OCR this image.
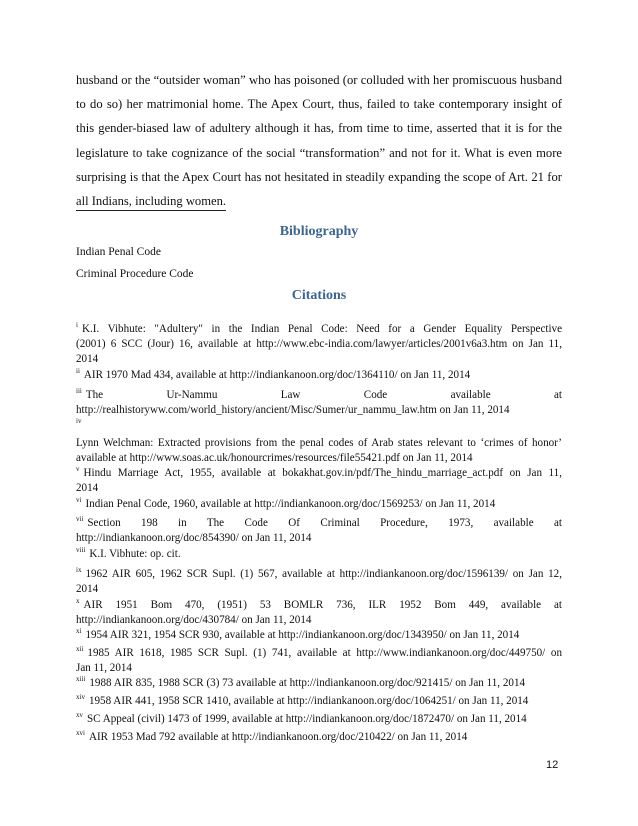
husband or the “outsider woman” who has poisoned (or colluded with her promiscuous husband
to do so) her matrimonial home. The Apex Court, thus, failed to take contemporary insight of
this gender-biased law of adultery although it has, from time to time, asserted that it is for the
legislature to take cognizance of the social “transformation” and not for it. What is even more
surprising is that the Apex Court has not hesitated in steadily expanding the scope of Art. 21 for
all Indians, including women.
Bibliography

Indian Penal Code

Criminal Procedure Code

Citations
$^i$ K.I. Vibhute: "Adultery" in the Indian Penal Code: Need for a Gender Equality Perspective
(2001) 6 SCC (Jour) 16, available at http://www.ebc-india.com/lawyer/articles/2001v6a3.htm on Jan 11,
2014
$^{ii}$ AIR 1970 Mad 434, available at http://indiankanoon.org/doc/1364110/ on Jan 11, 2014
$^{iii}$ The Ur-Nammu Law Code available at
http://realhistoryww.com/world_history/ancient/Misc/Sumer/ur_nammu_law.htm on Jan 11, 2014
$^{iv}$
Lynn Welchman: Extracted provisions from the penal codes of Arab states relevant to ‘crimes of honor’
available at http://www.soas.ac.uk/honourcrimes/resources/file55421.pdf on Jan 11, 2014
$^v$ Hindu Marriage Act, 1955, available at bokakhat.gov.in/pdf/The_hindu_marriage_act.pdf on Jan 11,
2014
$^{vi}$ Indian Penal Code, 1960, available at http://indiankanoon.org/doc/1569253/ on Jan 11, 2014
$^{vii}$ Section 198 in The Code Of Criminal Procedure, 1973, available at
http://indiankanoon.org/doc/854390/ on Jan 11, 2014
$^{viii}$ K.I. Vibhute: op. cit.
$^{ix}$ 1962 AIR 605, 1962 SCR Supl. (1) 567, available at http://indiankanoon.org/doc/1596139/ on Jan 12,
2014
$^x$ AIR 1951 Bom 470, (1951) 53 BOMLR 736, ILR 1952 Bom 449, available at
http://indiankanoon.org/doc/430784/ on Jan 11, 2014
$^{xi}$ 1954 AIR 321, 1954 SCR 930, available at http://indiankanoon.org/doc/1343950/ on Jan 11, 2014
$^{xii}$ 1985 AIR 1618, 1985 SCR Supl. (1) 741, available at http://www.indiankanoon.org/doc/449750/ on
Jan 11, 2014
$^{xiii}$ 1988 AIR 835, 1988 SCR (3) 73 available at http://indiankanoon.org/doc/921415/ on Jan 11, 2014
$^{xiv}$ 1958 AIR 441, 1958 SCR 1410, available at http://indiankanoon.org/doc/1064251/ on Jan 11, 2014
$^{xv}$ SC Appeal (civil) 1473 of 1999, available at http://indiankanoon.org/doc/1872470/ on Jan 11, 2014
$^{xvi}$ AIR 1953 Mad 792 available at http://indiankanoon.org/doc/210422/ on Jan 11, 2014

12
